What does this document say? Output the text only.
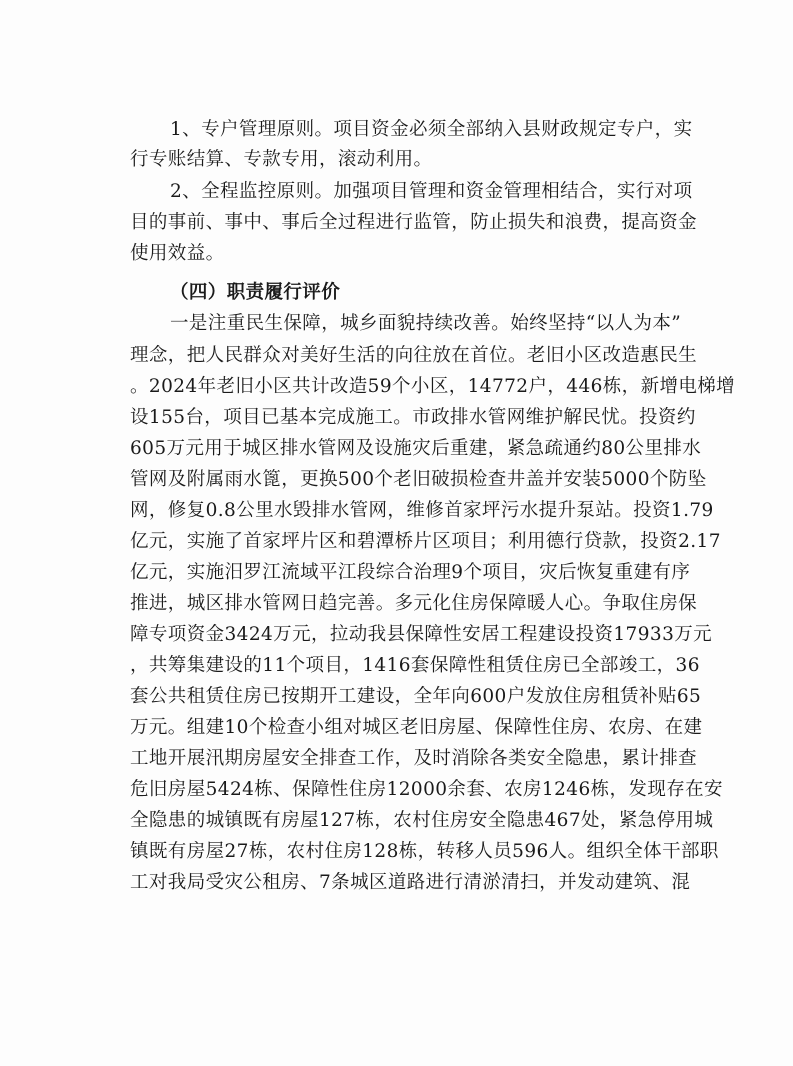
1、专户管理原则。项目资金必须全部纳入县财政规定专户，实
行专账结算、专款专用，滚动利用。
2、全程监控原则。加强项目管理和资金管理相结合，实行对项
目的事前、事中、事后全过程进行监管，防止损失和浪费，提高资金
使用效益。
（四）职责履行评价
一是注重民生保障，城乡面貌持续改善。始终坚持“以人为本”
理念，把人民群众对美好生活的向往放在首位。老旧小区改造惠民生
。2024年老旧小区共计改造59个小区，14772户，446栋，新增电梯增
设155台，项目已基本完成施工。市政排水管网维护解民忧。投资约
605万元用于城区排水管网及设施灾后重建，紧急疏通约80公里排水
管网及附属雨水篦，更换500个老旧破损检查井盖并安装5000个防坠
网，修复0.8公里水毁排水管网，维修首家坪污水提升泵站。投资1.79
亿元，实施了首家坪片区和碧潭桥片区项目；利用德行贷款，投资2.17
亿元，实施汨罗江流域平江段综合治理9个项目，灾后恢复重建有序
推进，城区排水管网日趋完善。多元化住房保障暖人心。争取住房保
障专项资金3424万元，拉动我县保障性安居工程建设投资17933万元
，共筹集建设的11个项目，1416套保障性租赁住房已全部竣工，36
套公共租赁住房已按期开工建设，全年向600户发放住房租赁补贴65
万元。组建10个检查小组对城区老旧房屋、保障性住房、农房、在建
工地开展汛期房屋安全排查工作，及时消除各类安全隐患，累计排查
危旧房屋5424栋、保障性住房12000余套、农房1246栋，发现存在安
全隐患的城镇既有房屋127栋，农村住房安全隐患467处，紧急停用城
镇既有房屋27栋，农村住房128栋，转移人员596人。组织全体干部职
工对我局受灾公租房、7条城区道路进行清淤清扫，并发动建筑、混
